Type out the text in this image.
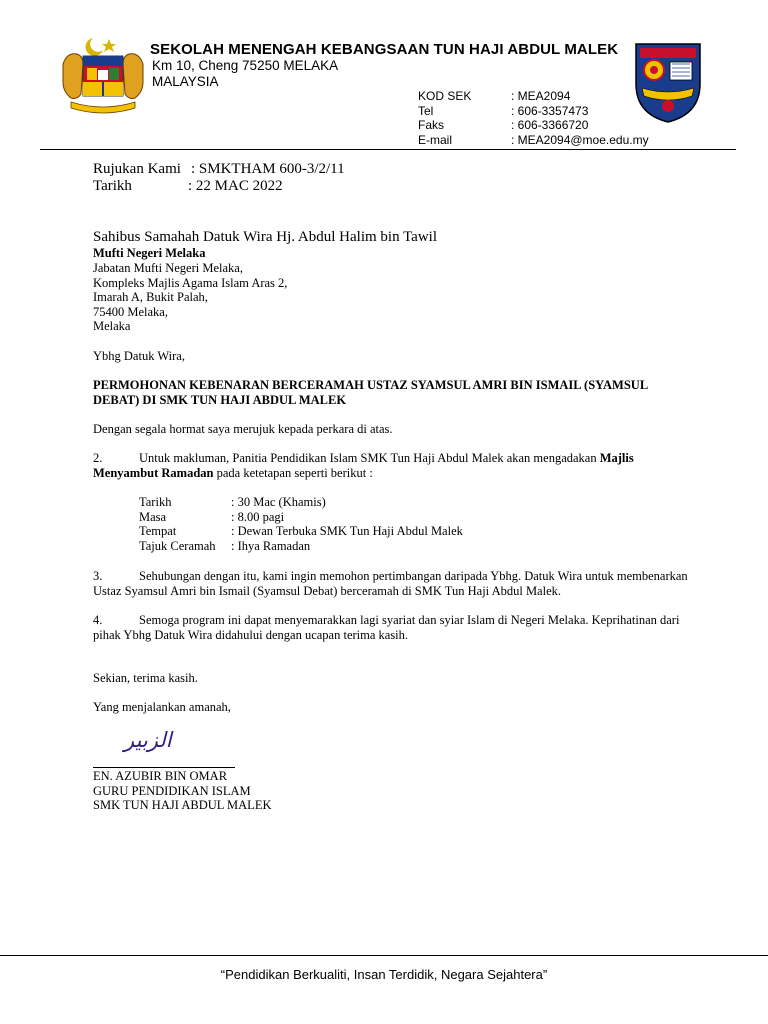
SEKOLAH MENENGAH KEBANGSAAN TUN HAJI ABDUL MALEK
Km 10, Cheng 75250 MELAKA
MALAYSIA
KOD SEK	: MEA2094
Tel	: 606-3357473
Faks	: 606-3366720
E-mail	: MEA2094@moe.edu.my
Rujukan Kami : SMKTHAM 600-3/2/11
Tarikh	: 22 MAC 2022
Sahibus Samahah Datuk Wira Hj. Abdul Halim bin Tawil
Mufti Negeri Melaka
Jabatan Mufti Negeri Melaka,
Kompleks Majlis Agama Islam Aras 2,
Imarah A, Bukit Palah,
75400 Melaka,
Melaka
Ybhg Datuk Wira,
PERMOHONAN KEBENARAN BERCERAMAH USTAZ SYAMSUL AMRI BIN ISMAIL (SYAMSUL DEBAT) DI SMK TUN HAJI ABDUL MALEK
Dengan segala hormat saya merujuk kepada perkara di atas.
2.	Untuk makluman, Panitia Pendidikan Islam SMK Tun Haji Abdul Malek akan mengadakan Majlis Menyambut Ramadan pada ketetapan seperti berikut :
Tarikh	: 30 Mac (Khamis)
Masa	: 8.00 pagi
Tempat	: Dewan Terbuka SMK Tun Haji Abdul Malek
Tajuk Ceramah	: Ihya Ramadan
3.	Sehubungan dengan itu, kami ingin memohon pertimbangan daripada Ybhg. Datuk Wira untuk membenarkan Ustaz Syamsul Amri bin Ismail (Syamsul Debat) berceramah di SMK Tun Haji Abdul Malek.
4.	Semoga program ini dapat menyemarakkan lagi syariat dan syiar Islam di Negeri Melaka. Keprihatinan dari pihak Ybhg Datuk Wira didahului dengan ucapan terima kasih.
Sekian, terima kasih.
Yang menjalankan amanah,
الزبير
EN. AZUBIR BIN OMAR
GURU PENDIDIKAN ISLAM
SMK TUN HAJI ABDUL MALEK
“Pendidikan Berkualiti, Insan Terdidik, Negara Sejahtera”
